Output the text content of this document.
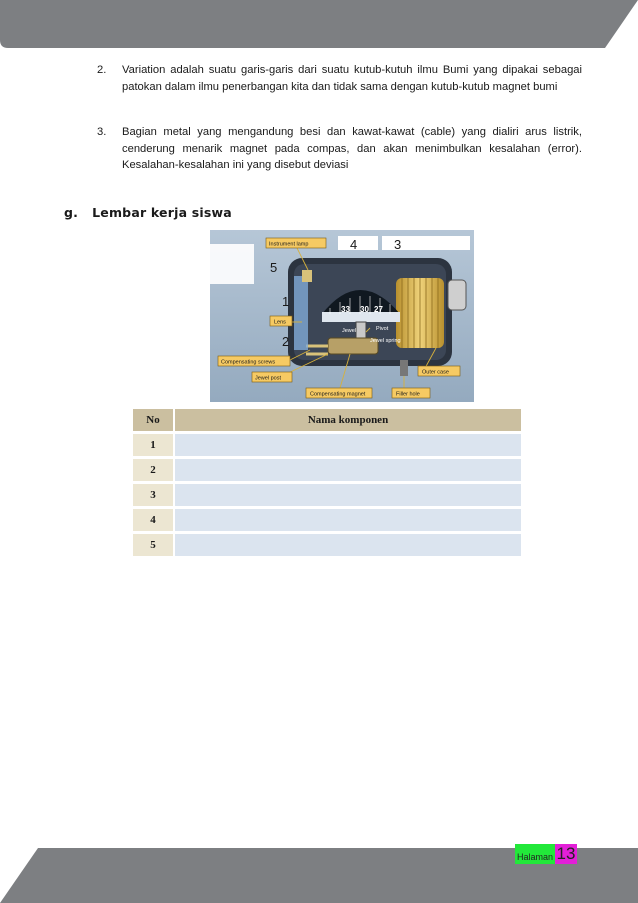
2.	Variation adalah suatu garis-garis dari suatu kutub-kutuh ilmu Bumi yang dipakai sebagai patokan dalam ilmu penerbangan kita dan tidak sama dengan kutub-kutub magnet bumi
3.	Bagian metal yang mengandung besi dan kawat-kawat (cable) yang dialiri arus listrik, cenderung menarik magnet pada compas, dan akan menimbulkan kesalahan (error). Kesalahan-kesalahan ini yang disebut deviasi
g. Lembar kerja siswa
33 30 27
Instrument lamp
Lens
Compensating screws
Jewel post
Compensating magnet	Filler hole
Outer case
Pivot
Jewel
Jewel spring
4	3
5
1
2
No	Nama komponen
1	
2	
3	
4	
5	
Halaman 13
